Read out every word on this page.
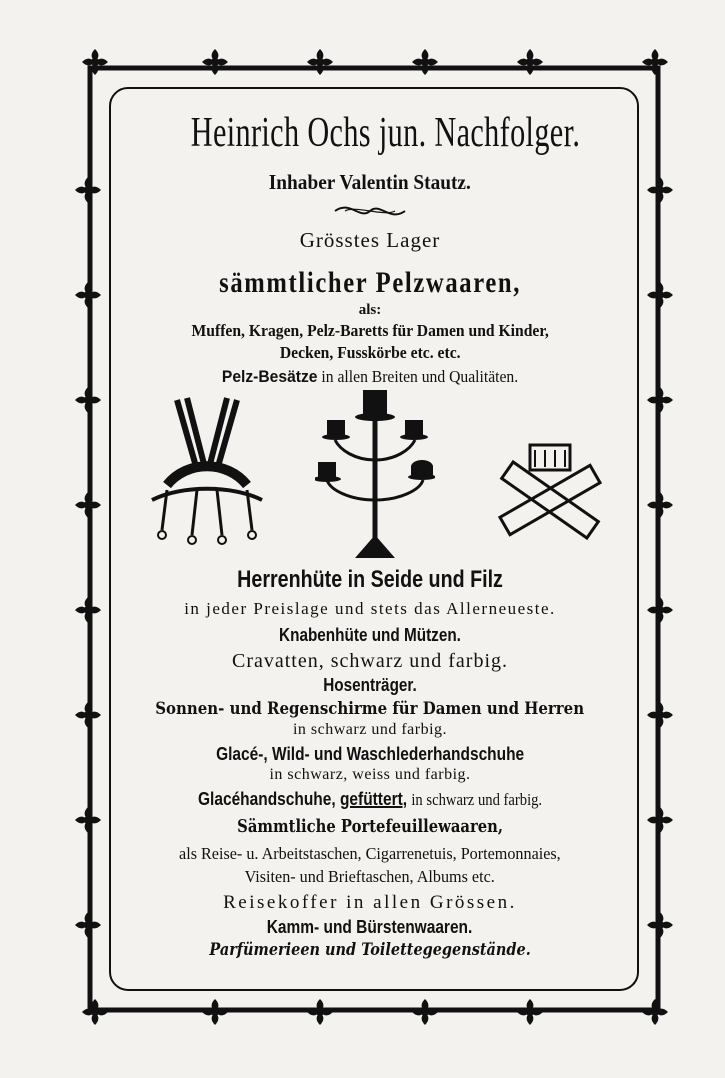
Heinrich Ochs jun. Nachfolger.
Inhaber Valentin Stautz.
Grösstes Lager
sämmtlicher Pelzwaaren,
als:
Muffen, Kragen, Pelz-Baretts für Damen und Kinder,
Decken, Fusskörbe etc. etc.
Pelz-Besätze in allen Breiten und Qualitäten.
Herrenhüte in Seide und Filz
in jeder Preislage und stets das Allerneueste.
Knabenhüte und Mützen.
Cravatten, schwarz und farbig.
Hosenträger.
Sonnen- und Regenschirme für Damen und Herren
in schwarz und farbig.
Glacé-, Wild- und Waschlederhandschuhe
in schwarz, weiss und farbig.
Glacéhandschuhe, gefüttert, in schwarz und farbig.
Sämmtliche Portefeuillewaaren,
als Reise- u. Arbeitstaschen, Cigarrenetuis, Portemonnaies,
Visiten- und Brieftaschen, Albums etc.
Reisekoffer in allen Grössen.
Kamm- und Bürstenwaaren.
Parfümerieen und Toilettegegenstände.
